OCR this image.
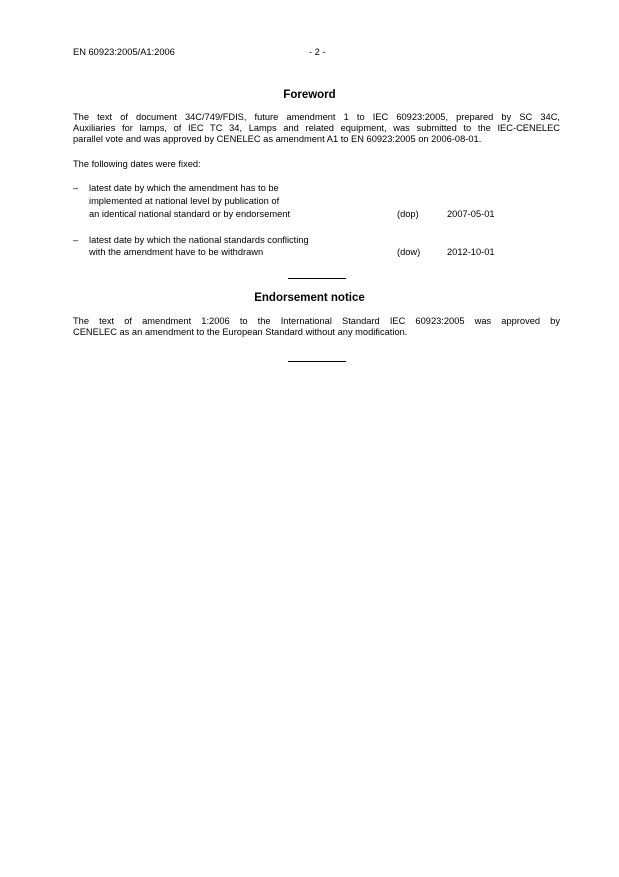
EN 60923:2005/A1:2006	- 2 -
Foreword
The text of document 34C/749/FDIS, future amendment 1 to IEC 60923:2005, prepared by SC 34C,
Auxiliaries for lamps, of IEC TC 34, Lamps and related equipment, was submitted to the IEC-CENELEC
parallel vote and was approved by CENELEC as amendment A1 to EN 60923:2005 on 2006-08-01.
The following dates were fixed:
– latest date by which the amendment has to be
implemented at national level by publication of
an identical national standard or by endorsement	(dop)	2007-05-01
– latest date by which the national standards conflicting
with the amendment have to be withdrawn	(dow)	2012-10-01
Endorsement notice
The text of amendment 1:2006 to the International Standard IEC 60923:2005 was approved by
CENELEC as an amendment to the European Standard without any modification.
